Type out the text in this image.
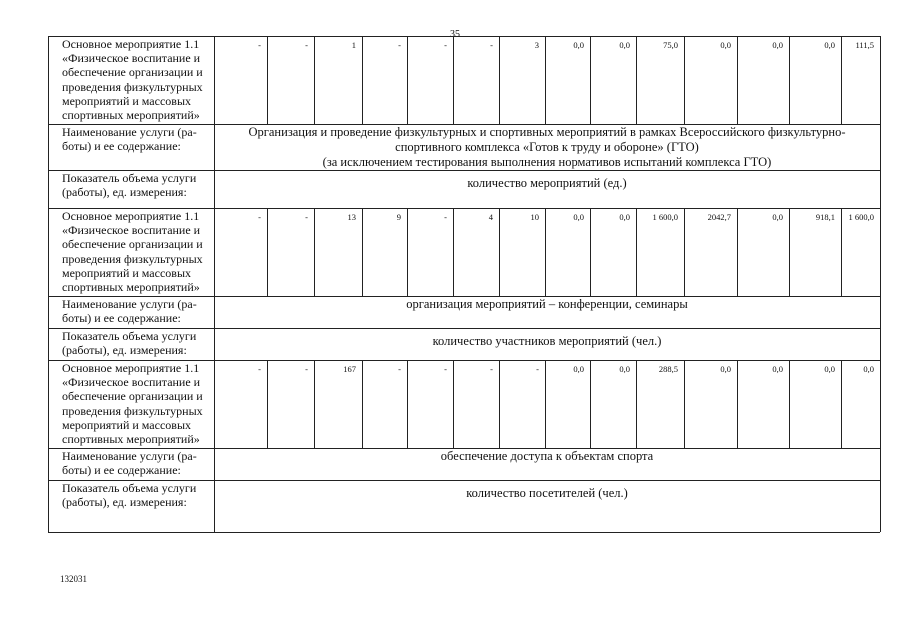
35
Основное мероприятие 1.1
«Физическое воспитание и
обеспечение организации и
проведения физкультурных
мероприятий и массовых
спортивных мероприятий»
-	-	1	-	-	-	3	0,0	0,0	75,0	0,0	0,0	0,0	111,5
Наименование услуги (ра-
боты) и ее содержание:
Организация и проведение физкультурных и спортивных мероприятий в рамках Всероссийского физкультурно-
спортивного комплекса «Готов к труду и обороне» (ГТО)
(за исключением тестирования выполнения нормативов испытаний комплекса ГТО)
Показатель объема услуги
(работы), ед. измерения:
количество мероприятий (ед.)
Основное мероприятие 1.1
«Физическое воспитание и
обеспечение организации и
проведения физкультурных
мероприятий и массовых
спортивных мероприятий»
-	-	13	9	-	4	10	0,0	0,0	1 600,0	2042,7	0,0	918,1	1 600,0
Наименование услуги (ра-
боты) и ее содержание:
организация мероприятий – конференции, семинары
Показатель объема услуги
(работы), ед. измерения:
количество участников мероприятий (чел.)
Основное мероприятие 1.1
«Физическое воспитание и
обеспечение организации и
проведения физкультурных
мероприятий и массовых
спортивных мероприятий»
-	-	167	-	-	-	-	0,0	0,0	288,5	0,0	0,0	0,0	0,0
Наименование услуги (ра-
боты) и ее содержание:
обеспечение доступа к объектам спорта
Показатель объема услуги
(работы), ед. измерения:
количество посетителей (чел.)
132031
